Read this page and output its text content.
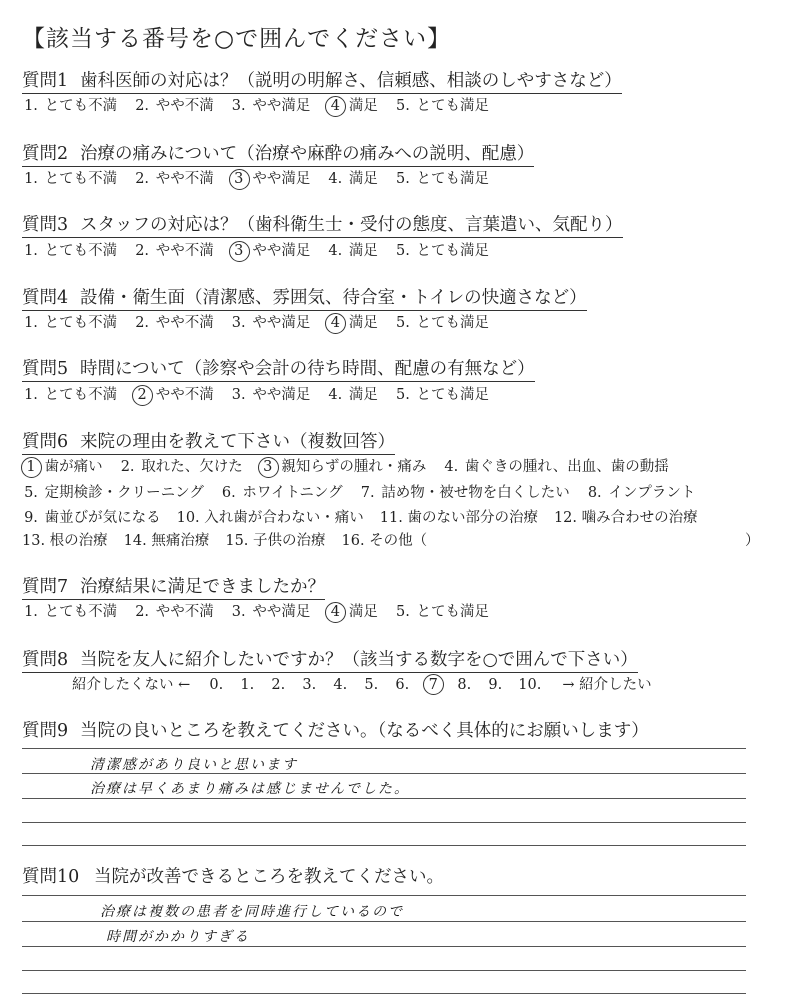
【該当する番号を○で囲んでください】
質問1 歯科医師の対応は？（説明の明解さ、信頼感、相談のしやすさなど）
1. とても不満 2. やや不満 3. やや満足 4 満足 5. とても満足
質問2 治療の痛みについて（治療や麻酔の痛みへの説明、配慮）
1. とても不満 2. やや不満 3 やや満足 4. 満足 5. とても満足
質問3 スタッフの対応は？（歯科衛生士・受付の態度、言葉遣い、気配り）
1. とても不満 2. やや不満 3 やや満足 4. 満足 5. とても満足
質問4 設備・衛生面（清潔感、雰囲気、待合室・トイレの快適さなど）
1. とても不満 2. やや不満 3. やや満足 4 満足 5. とても満足
質問5 時間について（診察や会計の待ち時間、配慮の有無など）
1. とても不満 2 やや不満 3. やや満足 4. 満足 5. とても満足
質問6 来院の理由を教えて下さい（複数回答）
1 歯が痛い 2. 取れた、欠けた 3 親知らずの腫れ・痛み 4. 歯ぐきの腫れ、出血、歯の動揺
5. 定期検診・クリーニング 6. ホワイトニング 7. 詰め物・被せ物を白くしたい 8. インプラント
9. 歯並びが気になる 10. 入れ歯が合わない・痛い 11. 歯のない部分の治療 12. 噛み合わせの治療
13. 根の治療 14. 無痛治療 15. 子供の治療 16. その他（	）
質問7 治療結果に満足できましたか？
1. とても不満 2. やや不満 3. やや満足 4 満足 5. とても満足
質問8 当院を友人に紹介したいですか？（該当する数字を○で囲んで下さい）
紹介したくない ← 0. 1. 2. 3. 4. 5. 6. 7 8. 9. 10. → 紹介したい
質問9 当院の良いところを教えてください。（なるべく具体的にお願いします）
清潔感があり良いと思います
治療は早くあまり痛みは感じませんでした。
質問10 当院が改善できるところを教えてください。
治療は複数の患者を同時進行しているので
時間がかかりすぎる
